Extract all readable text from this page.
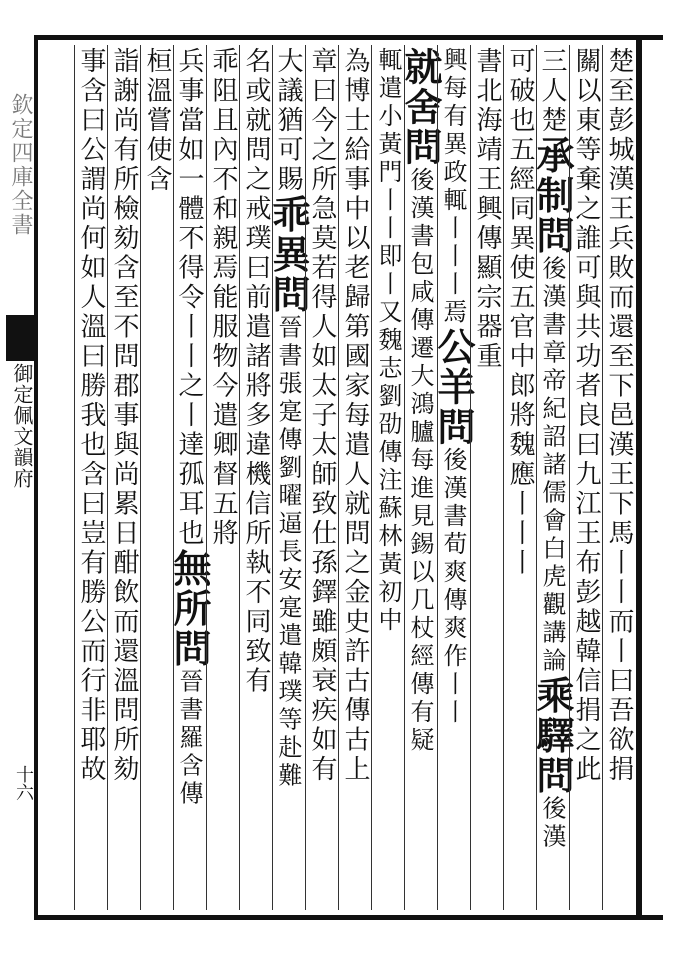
欽定四庫全書
御定佩文韻府
十六	楚至彭城漢王兵敗而還至下邑漢王下馬丨丨而丨曰吾欲捐
關以東等棄之誰可與共功者良曰九江王布彭越韓信捐之此
三人楚承制問後漢書章帝紀詔諸儒會白虎觀講論乘驛問後漢
可破也五經同異使五官中郎將魏應丨丨丨
書北海靖王興傳顯宗器重
興每有異政輒丨丨丨焉公羊問後漢書荀爽傳爽作丨丨
就舍問後漢書包咸傳遷大鴻臚每進見錫以几杖經傳有疑
輒遣小黃門丨丨即丨又魏志劉劭傳注蘇林黃初中
為博士給事中以老歸第國家每遣人就問之金史許古傳古上
章曰今之所急莫若得人如太子太師致仕孫鐸雖頗衰疾如有
大議猶可賜乖異問晉書張寔傳劉曜逼長安寔遣韓璞等赴難
名或就問之戒璞曰前遣諸將多違機信所執不同致有
乖阻且內不和親焉能服物今遣卿督五將
兵事當如一體不得令丨丨之丨達孤耳也無所問晉書羅含傳
桓溫嘗使含
詣謝尚有所檢劾含至不問郡事與尚累日酣飲而還溫問所劾
事含曰公謂尚何如人溫曰勝我也含曰豈有勝公而行非耶故
